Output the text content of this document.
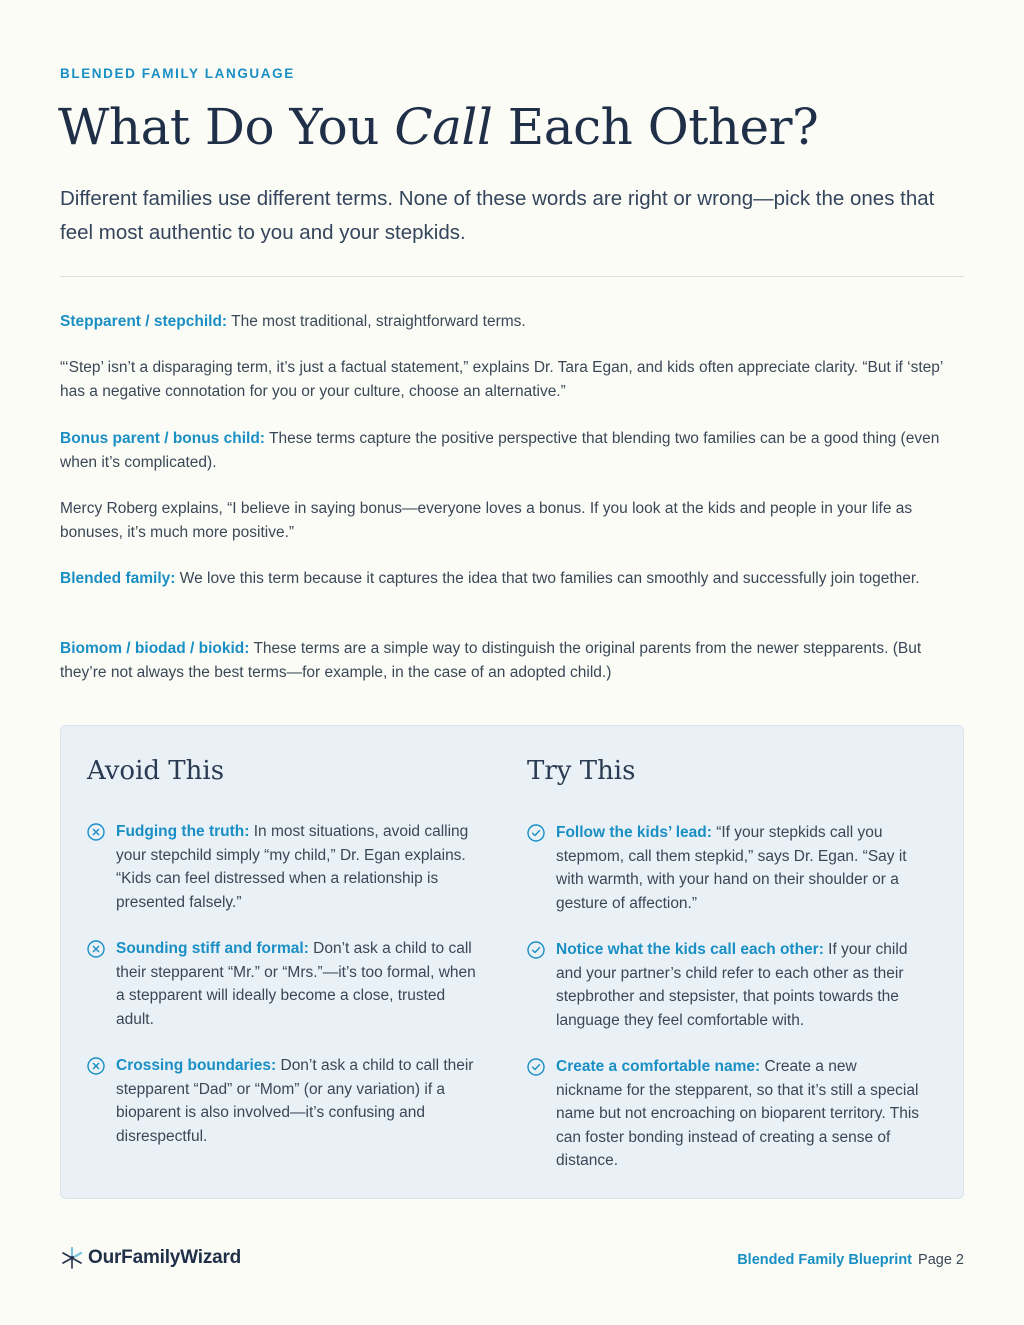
BLENDED FAMILY LANGUAGE
What Do You Call Each Other?

Different families use different terms. None of these words are right or wrong—pick the ones that feel most authentic to you and your stepkids.

Stepparent / stepchild: The most traditional, straightforward terms.

“‘Step’ isn’t a disparaging term, it’s just a factual statement,” explains Dr. Tara Egan, and kids often appreciate clarity. “But if ‘step’ has a negative connotation for you or your culture, choose an alternative.”

Bonus parent / bonus child: These terms capture the positive perspective that blending two families can be a good thing (even when it’s complicated).

Mercy Roberg explains, “I believe in saying bonus—everyone loves a bonus. If you look at the kids and people in your life as bonuses, it’s much more positive.”

Blended family: We love this term because it captures the idea that two families can smoothly and successfully join together.

Biomom / biodad / biokid: These terms are a simple way to distinguish the original parents from the newer stepparents. (But they’re not always the best terms—for example, in the case of an adopted child.)

Avoid This
Fudging the truth: In most situations, avoid calling your stepchild simply “my child,” Dr. Egan explains. “Kids can feel distressed when a relationship is presented falsely.”
Sounding stiff and formal: Don’t ask a child to call their stepparent “Mr.” or “Mrs.”—it’s too formal, when a stepparent will ideally become a close, trusted adult.
Crossing boundaries: Don’t ask a child to call their stepparent “Dad” or “Mom” (or any variation) if a bioparent is also involved—it’s confusing and disrespectful.
Try This
Follow the kids’ lead: “If your stepkids call you stepmom, call them stepkid,” says Dr. Egan. “Say it with warmth, with your hand on their shoulder or a gesture of affection.”
Notice what the kids call each other: If your child and your partner’s child refer to each other as their stepbrother and stepsister, that points towards the language they feel comfortable with.
Create a comfortable name: Create a new nickname for the stepparent, so that it’s still a special name but not encroaching on bioparent territory. This can foster bonding instead of creating a sense of distance.
OurFamilyWizard	Blended Family Blueprint Page 2
